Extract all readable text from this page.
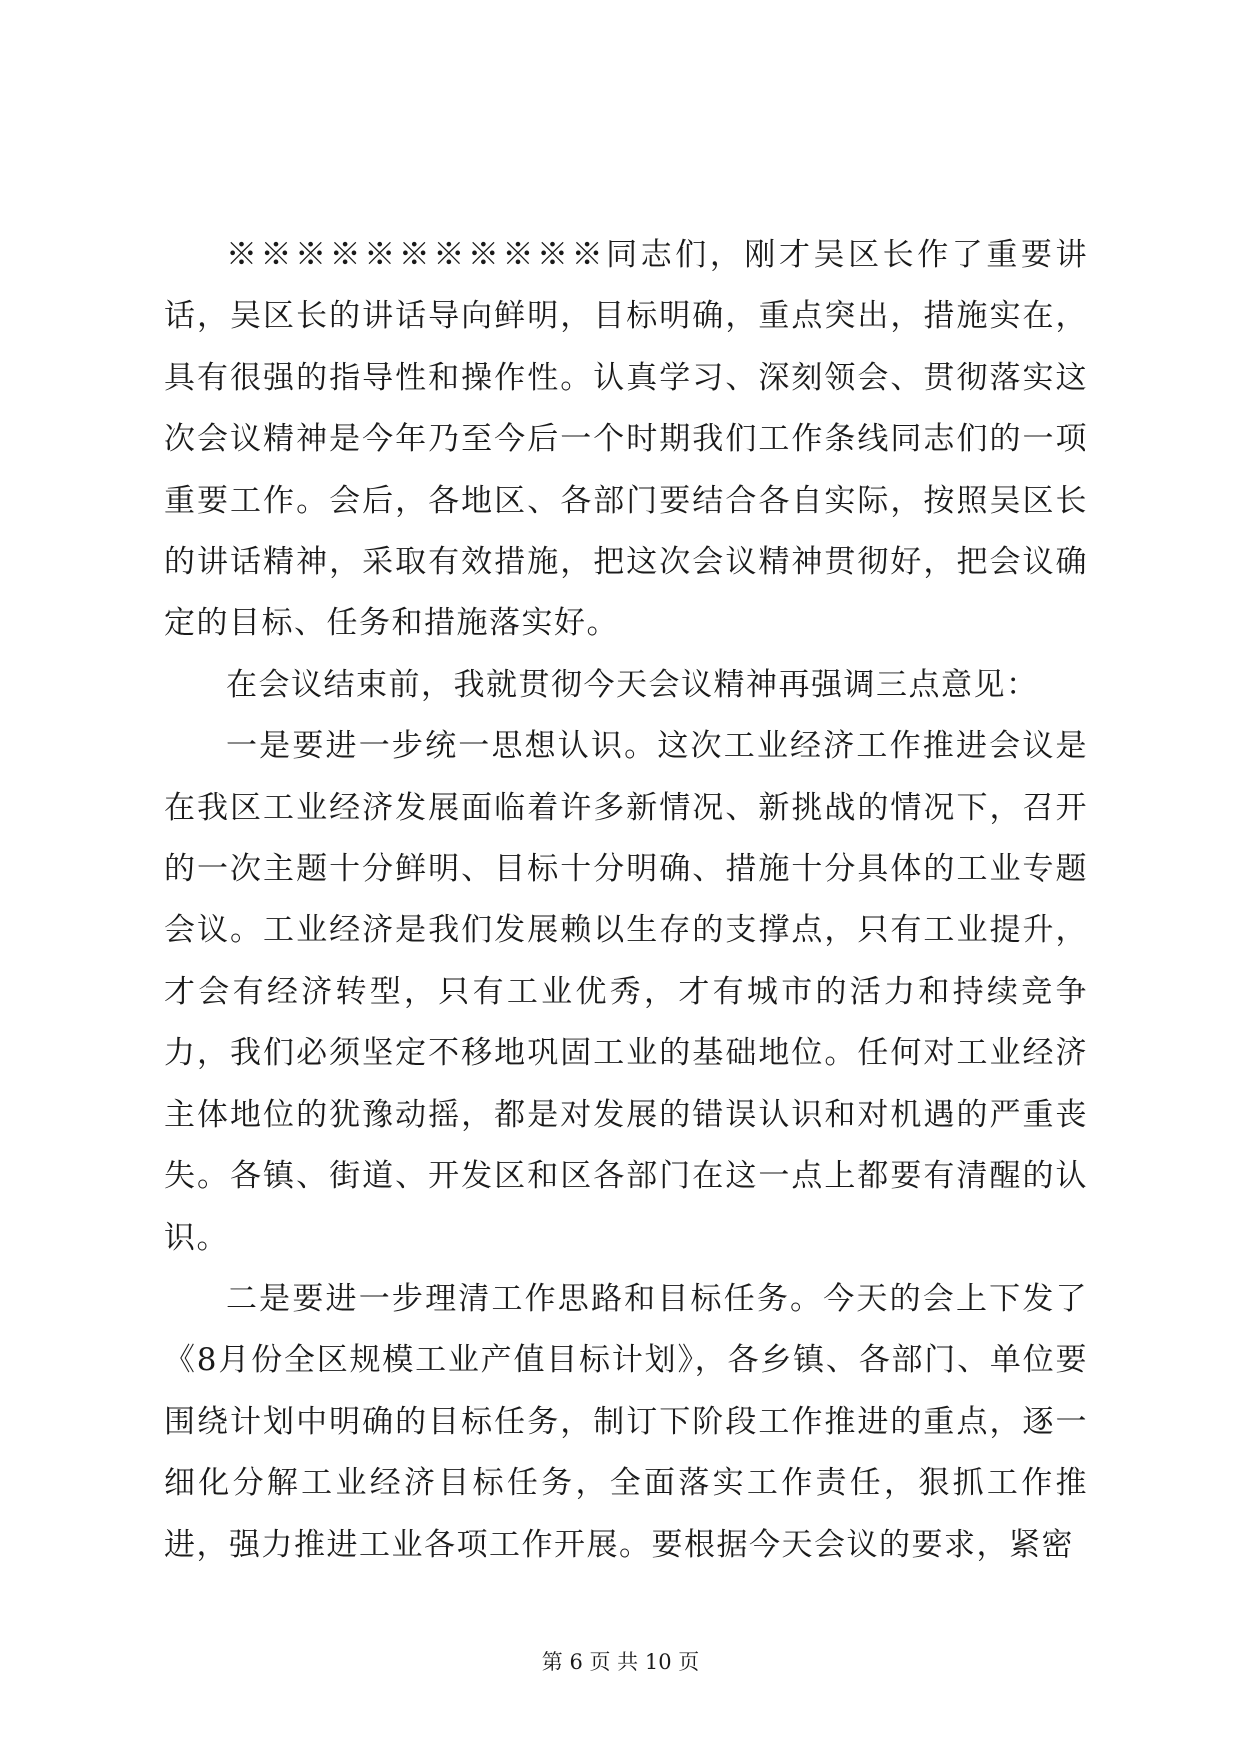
※※※※※※※※※※※同志们，刚才吴区长作了重要讲话，吴区长的讲话导向鲜明，目标明确，重点突出，措施实在，具有很强的指导性和操作性。认真学习、深刻领会、贯彻落实这次会议精神是今年乃至今后一个时期我们工作条线同志们的一项重要工作。会后，各地区、各部门要结合各自实际，按照吴区长的讲话精神，采取有效措施，把这次会议精神贯彻好，把会议确定的目标、任务和措施落实好。

在会议结束前，我就贯彻今天会议精神再强调三点意见：

一是要进一步统一思想认识。这次工业经济工作推进会议是在我区工业经济发展面临着许多新情况、新挑战的情况下，召开的一次主题十分鲜明、目标十分明确、措施十分具体的工业专题会议。工业经济是我们发展赖以生存的支撑点，只有工业提升，才会有经济转型，只有工业优秀，才有城市的活力和持续竞争力，我们必须坚定不移地巩固工业的基础地位。任何对工业经济主体地位的犹豫动摇，都是对发展的错误认识和对机遇的严重丧失。各镇、街道、开发区和区各部门在这一点上都要有清醒的认识。

二是要进一步理清工作思路和目标任务。今天的会上下发了《8月份全区规模工业产值目标计划》，各乡镇、各部门、单位要围绕计划中明确的目标任务，制订下阶段工作推进的重点，逐一细化分解工业经济目标任务，全面落实工作责任，狠抓工作推进，强力推进工业各项工作开展。要根据今天会议的要求，紧密

第 6 页 共 10 页
